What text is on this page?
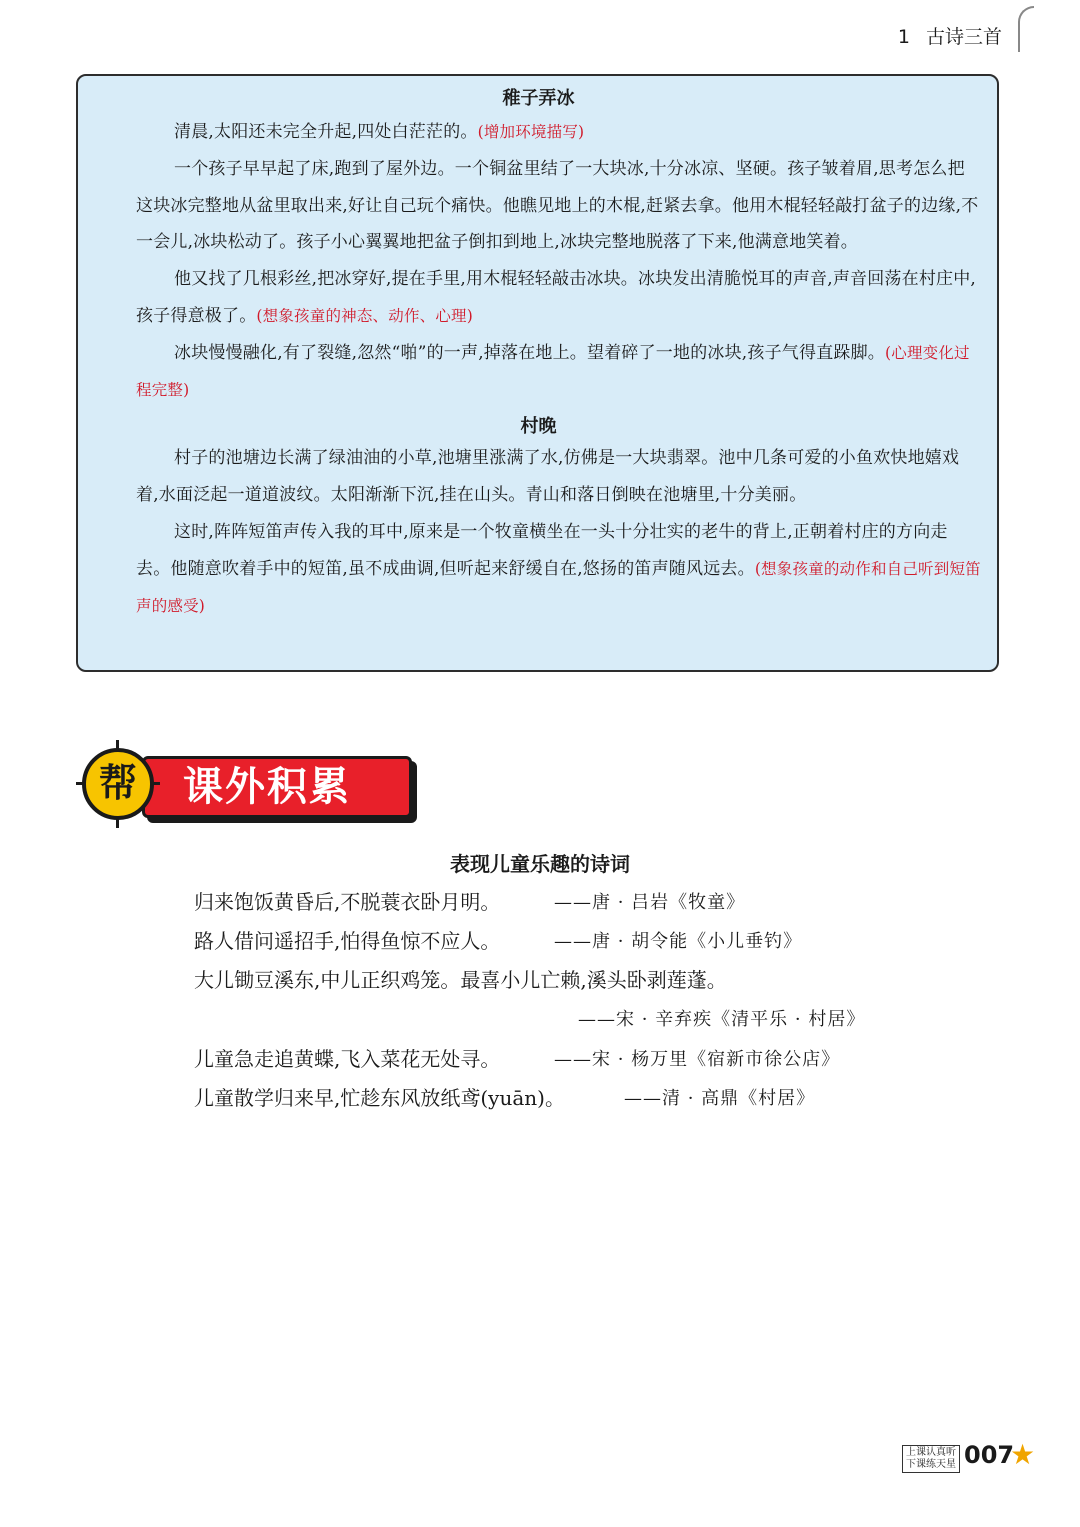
1 古诗三首
稚子弄冰

清晨,太阳还未完全升起,四处白茫茫的。(增加环境描写)

一个孩子早早起了床,跑到了屋外边。一个铜盆里结了一大块冰,十分冰凉、坚硬。孩子皱着眉,思考怎么把这块冰完整地从盆里取出来,好让自己玩个痛快。他瞧见地上的木棍,赶紧去拿。他用木棍轻轻敲打盆子的边缘,不一会儿,冰块松动了。孩子小心翼翼地把盆子倒扣到地上,冰块完整地脱落了下来,他满意地笑着。

他又找了几根彩丝,把冰穿好,提在手里,用木棍轻轻敲击冰块。冰块发出清脆悦耳的声音,声音回荡在村庄中,孩子得意极了。(想象孩童的神态、动作、心理)

冰块慢慢融化,有了裂缝,忽然“啪”的一声,掉落在地上。望着碎了一地的冰块,孩子气得直跺脚。(心理变化过程完整)

村晚

村子的池塘边长满了绿油油的小草,池塘里涨满了水,仿佛是一大块翡翠。池中几条可爱的小鱼欢快地嬉戏着,水面泛起一道道波纹。太阳渐渐下沉,挂在山头。青山和落日倒映在池塘里,十分美丽。

这时,阵阵短笛声传入我的耳中,原来是一个牧童横坐在一头十分壮实的老牛的背上,正朝着村庄的方向走去。他随意吹着手中的短笛,虽不成曲调,但听起来舒缓自在,悠扬的笛声随风远去。(想象孩童的动作和自己听到短笛声的感受)

课外积累
帮
表现儿童乐趣的诗词
归来饱饭黄昏后,不脱蓑衣卧月明。	——唐 · 吕岩《牧童》
路人借问遥招手,怕得鱼惊不应人。	——唐 · 胡令能《小儿垂钓》
大儿锄豆溪东,中儿正织鸡笼。最喜小儿亡赖,溪头卧剥莲蓬。
——宋 · 辛弃疾《清平乐 · 村居》
儿童急走追黄蝶,飞入菜花无处寻。	——宋 · 杨万里《宿新市徐公店》
儿童散学归来早,忙趁东风放纸鸢(yuān)。	——清 · 高鼎《村居》
上课认真听
下课练天星 007
★
